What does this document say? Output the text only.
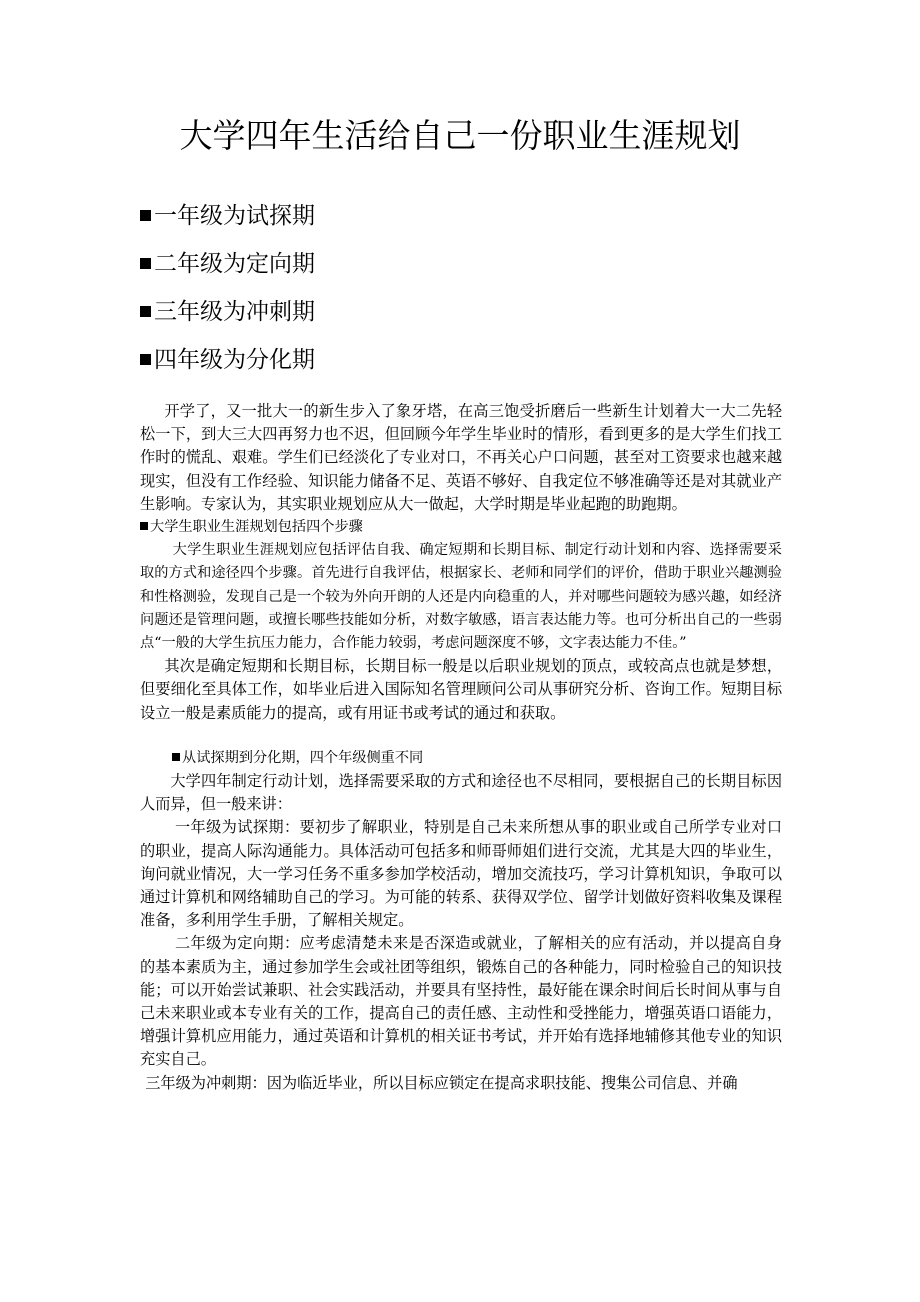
大学四年生活给自己一份职业生涯规划
一年级为试探期
二年级为定向期
三年级为冲刺期
四年级为分化期

开学了，又一批大一的新生步入了象牙塔，在高三饱受折磨后一些新生计划着大一大二先轻松一下，到大三大四再努力也不迟，但回顾今年学生毕业时的情形，看到更多的是大学生们找工作时的慌乱、艰难。学生们已经淡化了专业对口，不再关心户口问题，甚至对工资要求也越来越现实，但没有工作经验、知识能力储备不足、英语不够好、自我定位不够准确等还是对其就业产生影响。专家认为，其实职业规划应从大一做起，大学时期是毕业起跑的助跑期。

大学生职业生涯规划包括四个步骤

大学生职业生涯规划应包括评估自我、确定短期和长期目标、制定行动计划和内容、选择需要采取的方式和途径四个步骤。首先进行自我评估，根据家长、老师和同学们的评价，借助于职业兴趣测验和性格测验，发现自己是一个较为外向开朗的人还是内向稳重的人，并对哪些问题较为感兴趣，如经济问题还是管理问题，或擅长哪些技能如分析，对数字敏感，语言表达能力等。也可分析出自己的一些弱点“一般的大学生抗压力能力，合作能力较弱，考虑问题深度不够，文字表达能力不佳。”

其次是确定短期和长期目标，长期目标一般是以后职业规划的顶点，或较高点也就是梦想，但要细化至具体工作，如毕业后进入国际知名管理顾问公司从事研究分析、咨询工作。短期目标设立一般是素质能力的提高，或有用证书或考试的通过和获取。

从试探期到分化期，四个年级侧重不同

大学四年制定行动计划，选择需要采取的方式和途径也不尽相同，要根据自己的长期目标因人而异，但一般来讲：

一年级为试探期：要初步了解职业，特别是自己未来所想从事的职业或自己所学专业对口的职业，提高人际沟通能力。具体活动可包括多和师哥师姐们进行交流，尤其是大四的毕业生，询问就业情况，大一学习任务不重多参加学校活动，增加交流技巧，学习计算机知识，争取可以通过计算机和网络辅助自己的学习。为可能的转系、获得双学位、留学计划做好资料收集及课程准备，多利用学生手册，了解相关规定。

二年级为定向期：应考虑清楚未来是否深造或就业，了解相关的应有活动，并以提高自身的基本素质为主，通过参加学生会或社团等组织，锻炼自己的各种能力，同时检验自己的知识技能；可以开始尝试兼职、社会实践活动，并要具有坚持性，最好能在课余时间后长时间从事与自己未来职业或本专业有关的工作，提高自己的责任感、主动性和受挫能力，增强英语口语能力，增强计算机应用能力，通过英语和计算机的相关证书考试，并开始有选择地辅修其他专业的知识充实自己。

三年级为冲刺期：因为临近毕业，所以目标应锁定在提高求职技能、搜集公司信息、并确
